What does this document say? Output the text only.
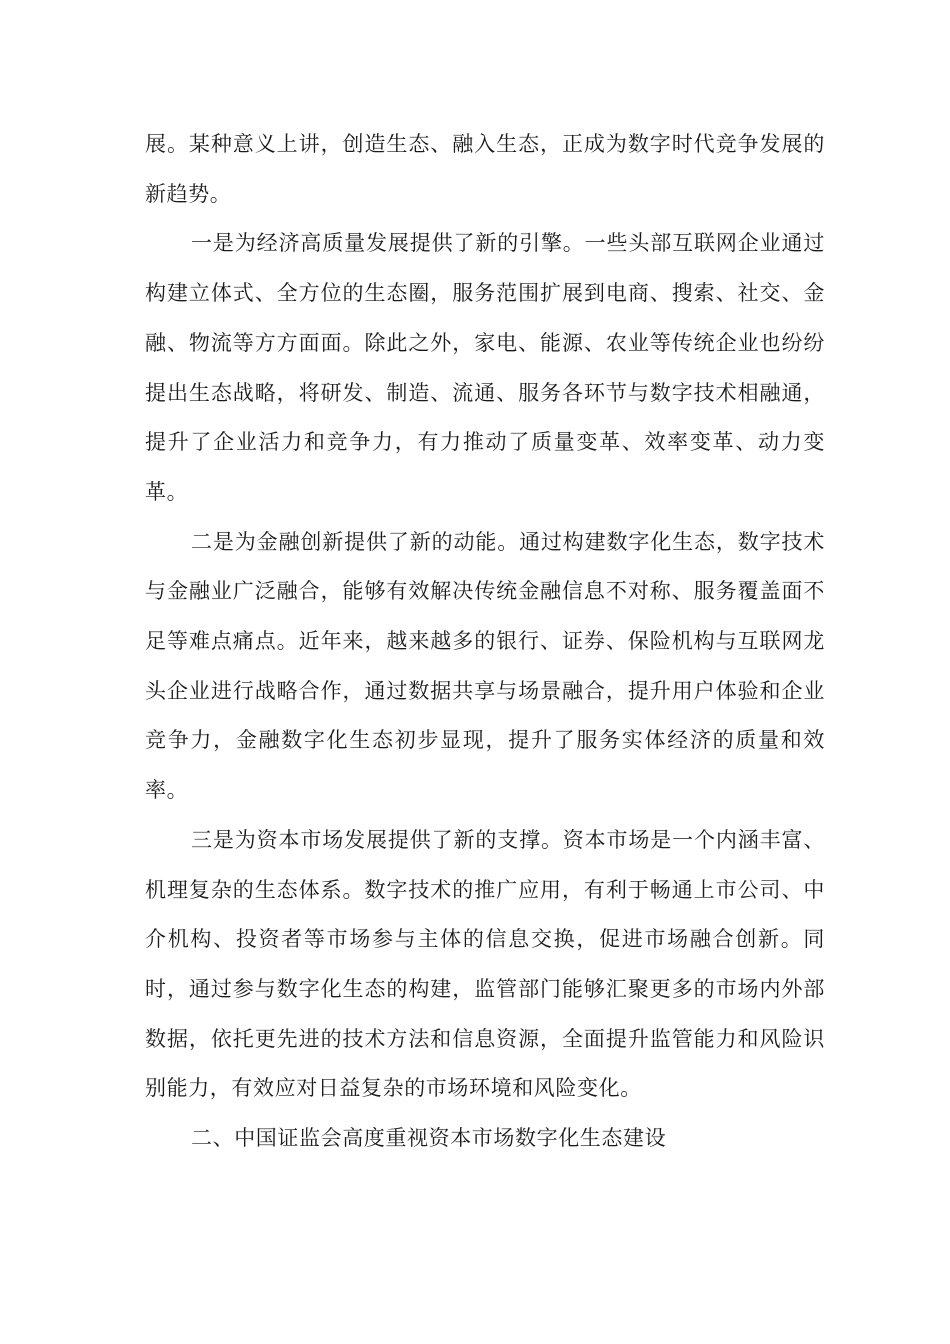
展。某种意义上讲，创造生态、融入生态，正成为数字时代竞争发展的新趋势。

一是为经济高质量发展提供了新的引擎。一些头部互联网企业通过构建立体式、全方位的生态圈，服务范围扩展到电商、搜索、社交、金融、物流等方方面面。除此之外，家电、能源、农业等传统企业也纷纷提出生态战略，将研发、制造、流通、服务各环节与数字技术相融通，提升了企业活力和竞争力，有力推动了质量变革、效率变革、动力变革。

二是为金融创新提供了新的动能。通过构建数字化生态，数字技术与金融业广泛融合，能够有效解决传统金融信息不对称、服务覆盖面不足等难点痛点。近年来，越来越多的银行、证券、保险机构与互联网龙头企业进行战略合作，通过数据共享与场景融合，提升用户体验和企业竞争力，金融数字化生态初步显现，提升了服务实体经济的质量和效率。

三是为资本市场发展提供了新的支撑。资本市场是一个内涵丰富、机理复杂的生态体系。数字技术的推广应用，有利于畅通上市公司、中介机构、投资者等市场参与主体的信息交换，促进市场融合创新。同时，通过参与数字化生态的构建，监管部门能够汇聚更多的市场内外部数据，依托更先进的技术方法和信息资源，全面提升监管能力和风险识别能力，有效应对日益复杂的市场环境和风险变化。

二、中国证监会高度重视资本市场数字化生态建设
